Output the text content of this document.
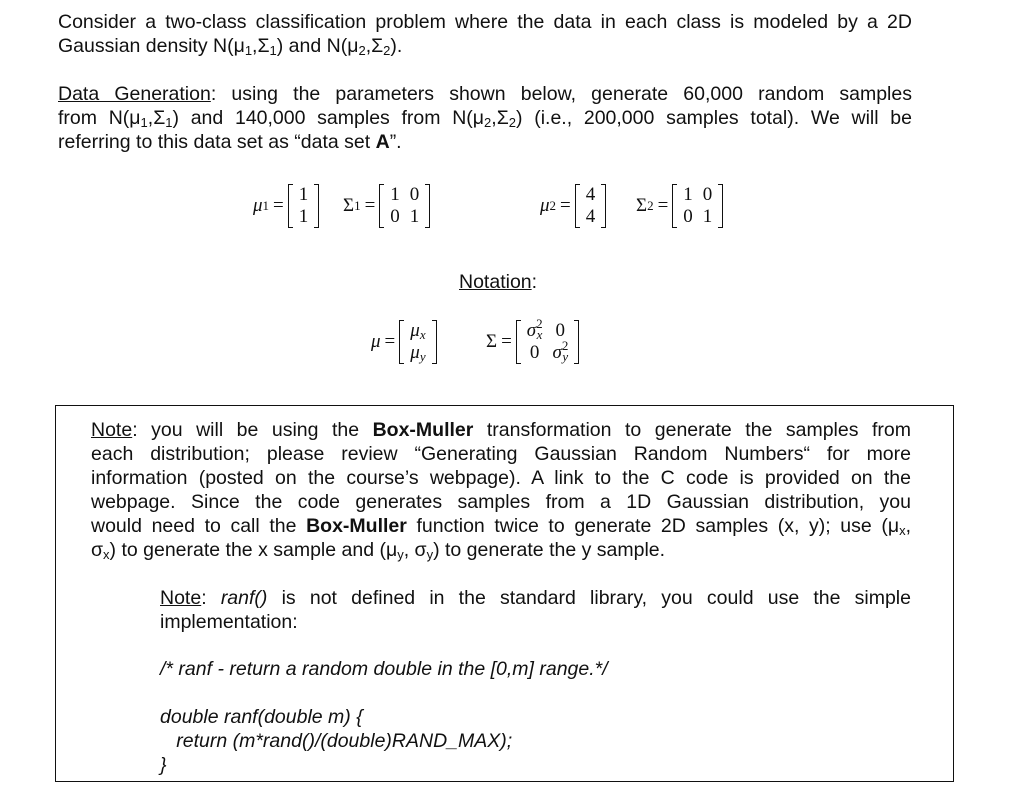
Consider a two-class classification problem where the data in each class is modeled by a 2D
Gaussian density $N(\mu_1,\Sigma_1)$ and $N(\mu_2,\Sigma_2)$.
Data Generation: using the parameters shown below, generate 60,000 random samples
from $N(\mu_1,\Sigma_1)$ and 140,000 samples from $N(\mu_2,\Sigma_2)$ (i.e., 200,000 samples total). We will be
referring to this data set as “data set A”.
μ 1 =
1
1
Σ 1 =
1	0
0	1
μ 2 =
4
4
Σ 2 =
1	0
0	1
Notation:
μ =
$\mu_x$
$\mu_y$
Σ =
$\sigma^2_x$	0
0	$\sigma^2_y$
Note: you will be using the Box-Muller transformation to generate the samples from
each distribution; please review “Generating Gaussian Random Numbers“ for more
information (posted on the course’s webpage). A link to the C code is provided on the
webpage. Since the code generates samples from a 1D Gaussian distribution, you
would need to call the Box-Muller function twice to generate 2D samples (x, y); use ($\mu_x$,
$\sigma_x$) to generate the x sample and ($\mu_y$, $\sigma_y$) to generate the y sample.
Note: ranf() is not defined in the standard library, you could use the simple
implementation:
/* ranf - return a random double in the [0,m] range.*/
double ranf(double m) {
return (m*rand()/(double)RAND_MAX);
}
